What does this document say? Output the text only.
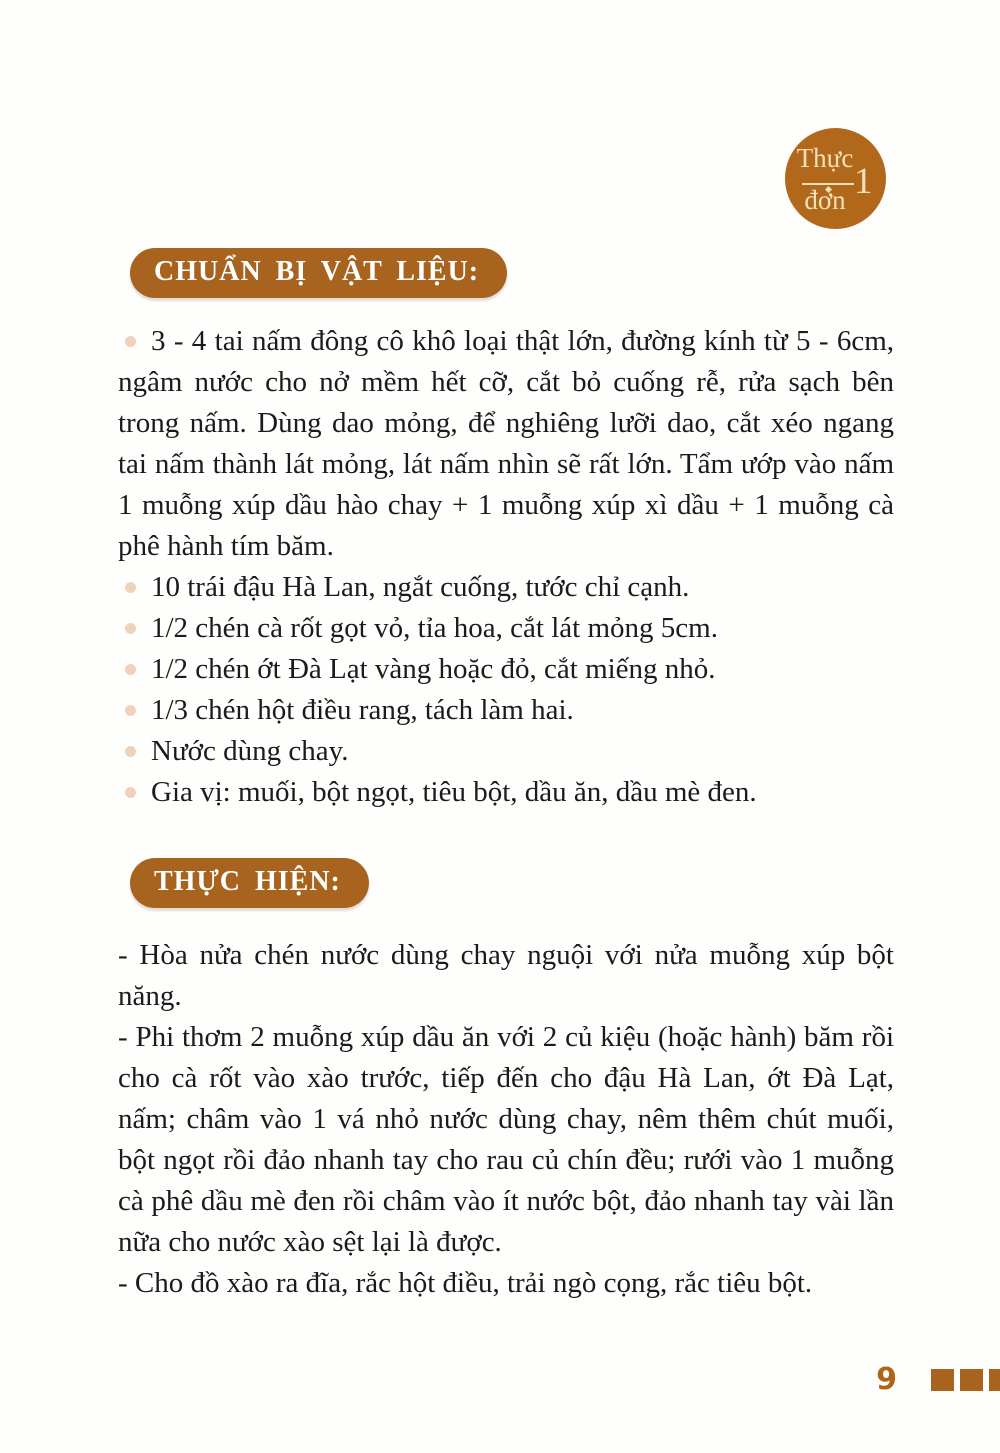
Thực
đơn 1
CHUẨN BỊ VẬT LIỆU:

3 - 4 tai nấm đông cô khô loại thật lớn, đường kính từ 5 - 6cm, ngâm nước cho nở mềm hết cỡ, cắt bỏ cuống rễ, rửa sạch bên trong nấm. Dùng dao mỏng, để nghiêng lưỡi dao, cắt xéo ngang tai nấm thành lát mỏng, lát nấm nhìn sẽ rất lớn. Tẩm ướp vào nấm 1 muỗng xúp dầu hào chay + 1 muỗng xúp xì dầu + 1 muỗng cà phê hành tím băm.

10 trái đậu Hà Lan, ngắt cuống, tước chỉ cạnh.

1/2 chén cà rốt gọt vỏ, tỉa hoa, cắt lát mỏng 5cm.

1/2 chén ớt Đà Lạt vàng hoặc đỏ, cắt miếng nhỏ.

1/3 chén hột điều rang, tách làm hai.

Nước dùng chay.

Gia vị: muối, bột ngọt, tiêu bột, dầu ăn, dầu mè đen.

THỰC HIỆN:

- Hòa nửa chén nước dùng chay nguội với nửa muỗng xúp bột năng.

- Phi thơm 2 muỗng xúp dầu ăn với 2 củ kiệu (hoặc hành) băm rồi cho cà rốt vào xào trước, tiếp đến cho đậu Hà Lan, ớt Đà Lạt, nấm; châm vào 1 vá nhỏ nước dùng chay, nêm thêm chút muối, bột ngọt rồi đảo nhanh tay cho rau củ chín đều; rưới vào 1 muỗng cà phê dầu mè đen rồi châm vào ít nước bột, đảo nhanh tay vài lần nữa cho nước xào sệt lại là được.

- Cho đồ xào ra đĩa, rắc hột điều, trải ngò cọng, rắc tiêu bột.

9
